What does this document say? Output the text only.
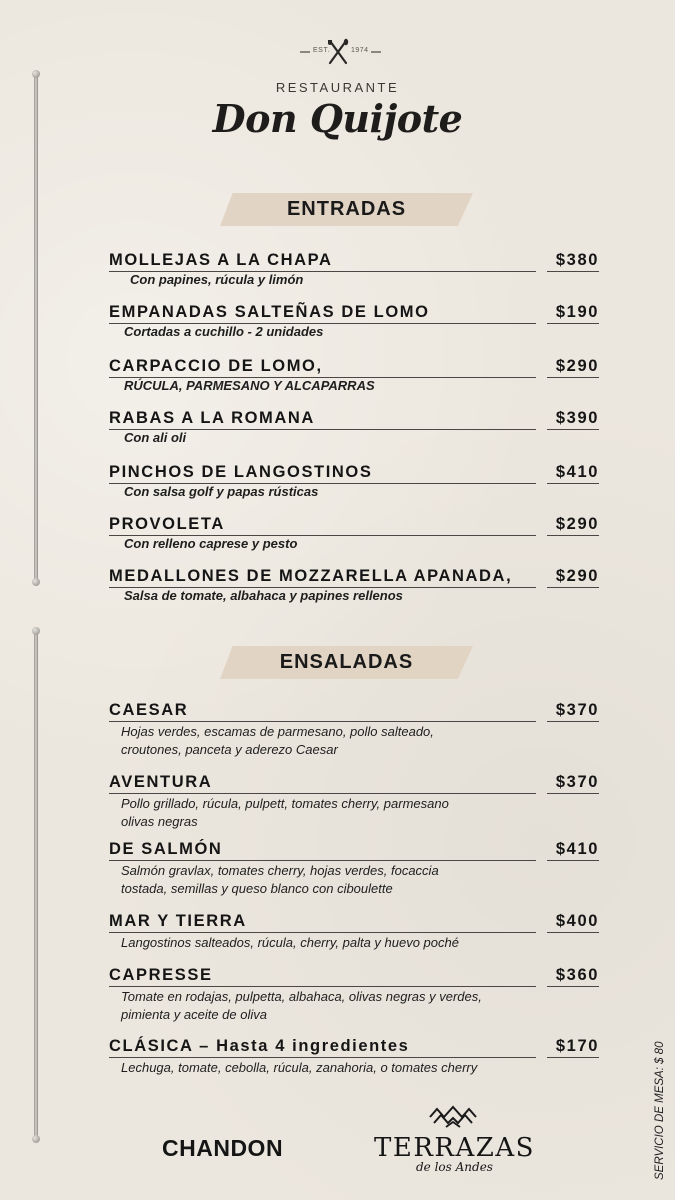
EST.	1974
RESTAURANTE
Don Quijote
ENTRADAS
MOLLEJAS A LA CHAPA	$380
Con papines, rúcula y limón
EMPANADAS SALTEÑAS DE LOMO	$190
Cortadas a cuchillo - 2 unidades
CARPACCIO DE LOMO,	$290
RÚCULA, PARMESANO Y ALCAPARRAS
RABAS A LA ROMANA	$390
Con ali oli
PINCHOS DE LANGOSTINOS	$410
Con salsa golf y papas rústicas
PROVOLETA	$290
Con relleno caprese y pesto
MEDALLONES DE MOZZARELLA APANADA,	$290
Salsa de tomate, albahaca y papines rellenos
ENSALADAS
CAESAR	$370
Hojas verdes, escamas de parmesano, pollo salteado,
croutones, panceta y aderezo Caesar
AVENTURA	$370
Pollo grillado, rúcula, pulpett, tomates cherry, parmesano
olivas negras
DE SALMÓN	$410
Salmón gravlax, tomates cherry, hojas verdes, focaccia
tostada, semillas y queso blanco con ciboulette
MAR Y TIERRA	$400
Langostinos salteados, rúcula, cherry, palta y huevo poché
CAPRESSE	$360
Tomate en rodajas, pulpetta, albahaca, olivas negras y verdes,
pimienta y aceite de oliva
CLÁSICA – Hasta 4 ingredientes	$170
Lechuga, tomate, cebolla, rúcula, zanahoria, o tomates cherry
CHANDON	TERRAZAS
de los Andes	SERVICIO DE MESA: $ 80
